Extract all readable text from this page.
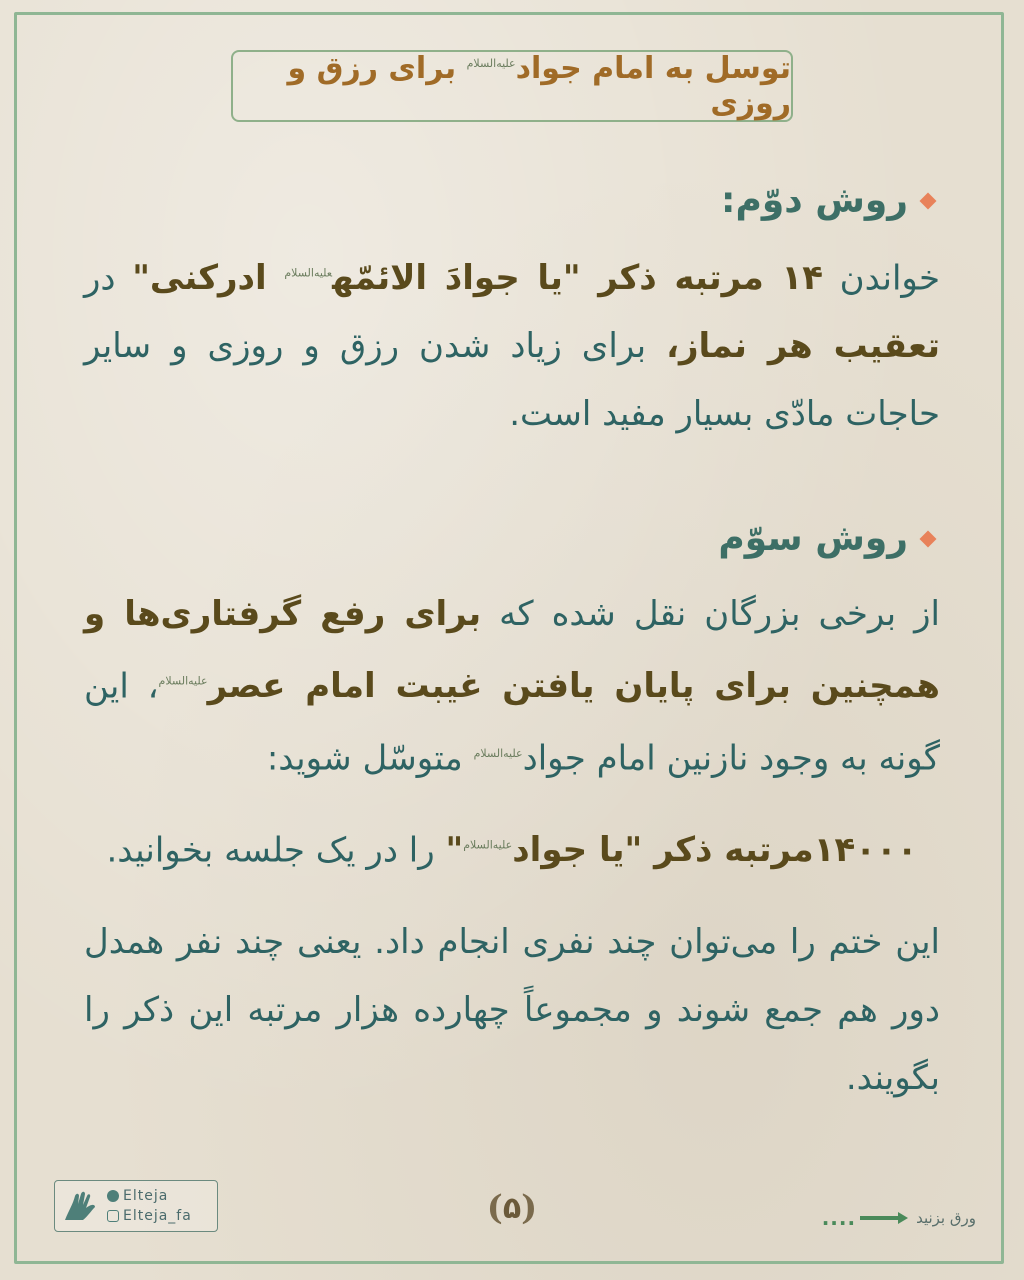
توسل به امام جواد$^{علیه‌السلام}$ برای رزق و روزی
روش دوّم:
خواندن ۱۴ مرتبه ذکر "یا جوادَ الائمّه$^{علیه‌السلام}$ ادرکنی" در تعقیب هر نماز، برای زیاد شدن رزق و روزی و سایر حاجات مادّی بسیار مفید است.
روش سوّم
از برخی بزرگان نقل شده که برای رفع گرفتاری‌ها و همچنین برای پایان یافتن غیبت امام عصر$^{علیه‌السلام}$، این گونه به وجود نازنین امام جواد$^{علیه‌السلام}$ متوسّل شوید:
۱۴۰۰۰مرتبه ذکر "یا جواد$^{علیه‌السلام}$" را در یک جلسه بخوانید.
این ختم را می‌توان چند نفری انجام داد. یعنی چند نفر همدل دور هم جمع شوند و مجموعاً چهارده هزار مرتبه این ذکر را بگویند.
Elteja
Elteja_fa	( ۵ )	ورق بزنید
....
